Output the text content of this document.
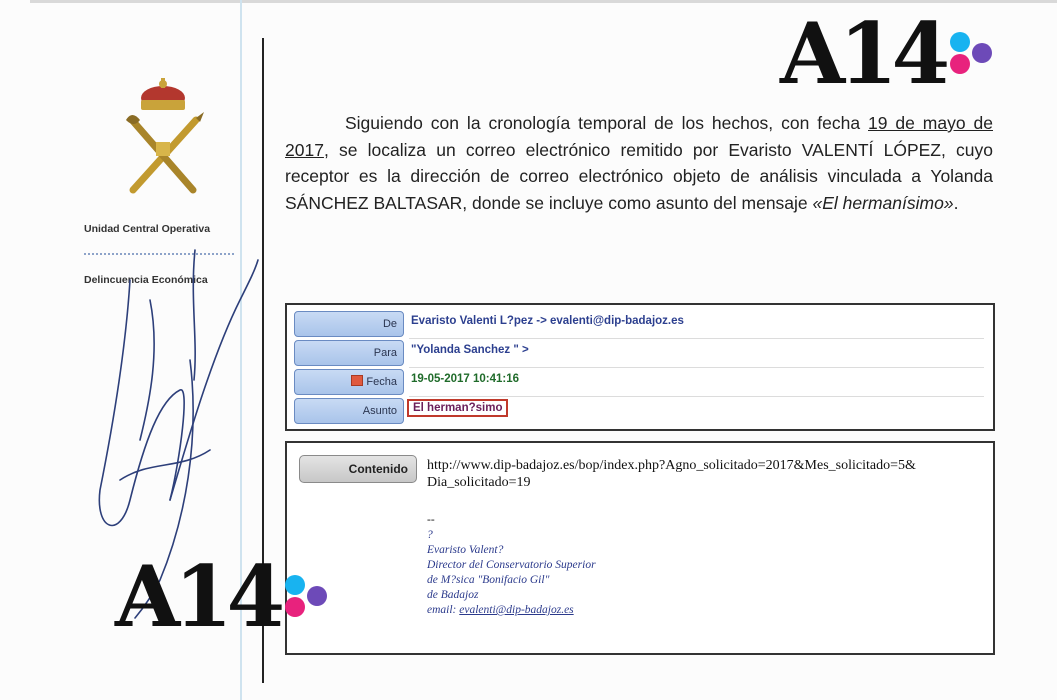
Unidad Central Operativa
Delincuencia Económica
A14
Siguiendo con la cronología temporal de los hechos, con fecha 19 de mayo de 2017, se localiza un correo electrónico remitido por Evaristo VALENTÍ LÓPEZ, cuyo receptor es la dirección de correo electrónico objeto de análisis vinculada a Yolanda SÁNCHEZ BALTASAR, donde se incluye como asunto del mensaje «El hermanísimo».
De	Evaristo Valenti L?pez -> evalenti@dip-badajoz.es
Para	"Yolanda Sanchez " >
Fecha	19-05-2017 10:41:16
Asunto	El herman?simo
Contenido	http://www.dip-badajoz.es/bop/index.php?Agno_solicitado=2017&Mes_solicitado=5&
Dia_solicitado=19
--
?
Evaristo Valent?
Director del Conservatorio Superior
de M?sica "Bonifacio Gil"
de Badajoz
email: evalenti@dip-badajoz.es
A14
